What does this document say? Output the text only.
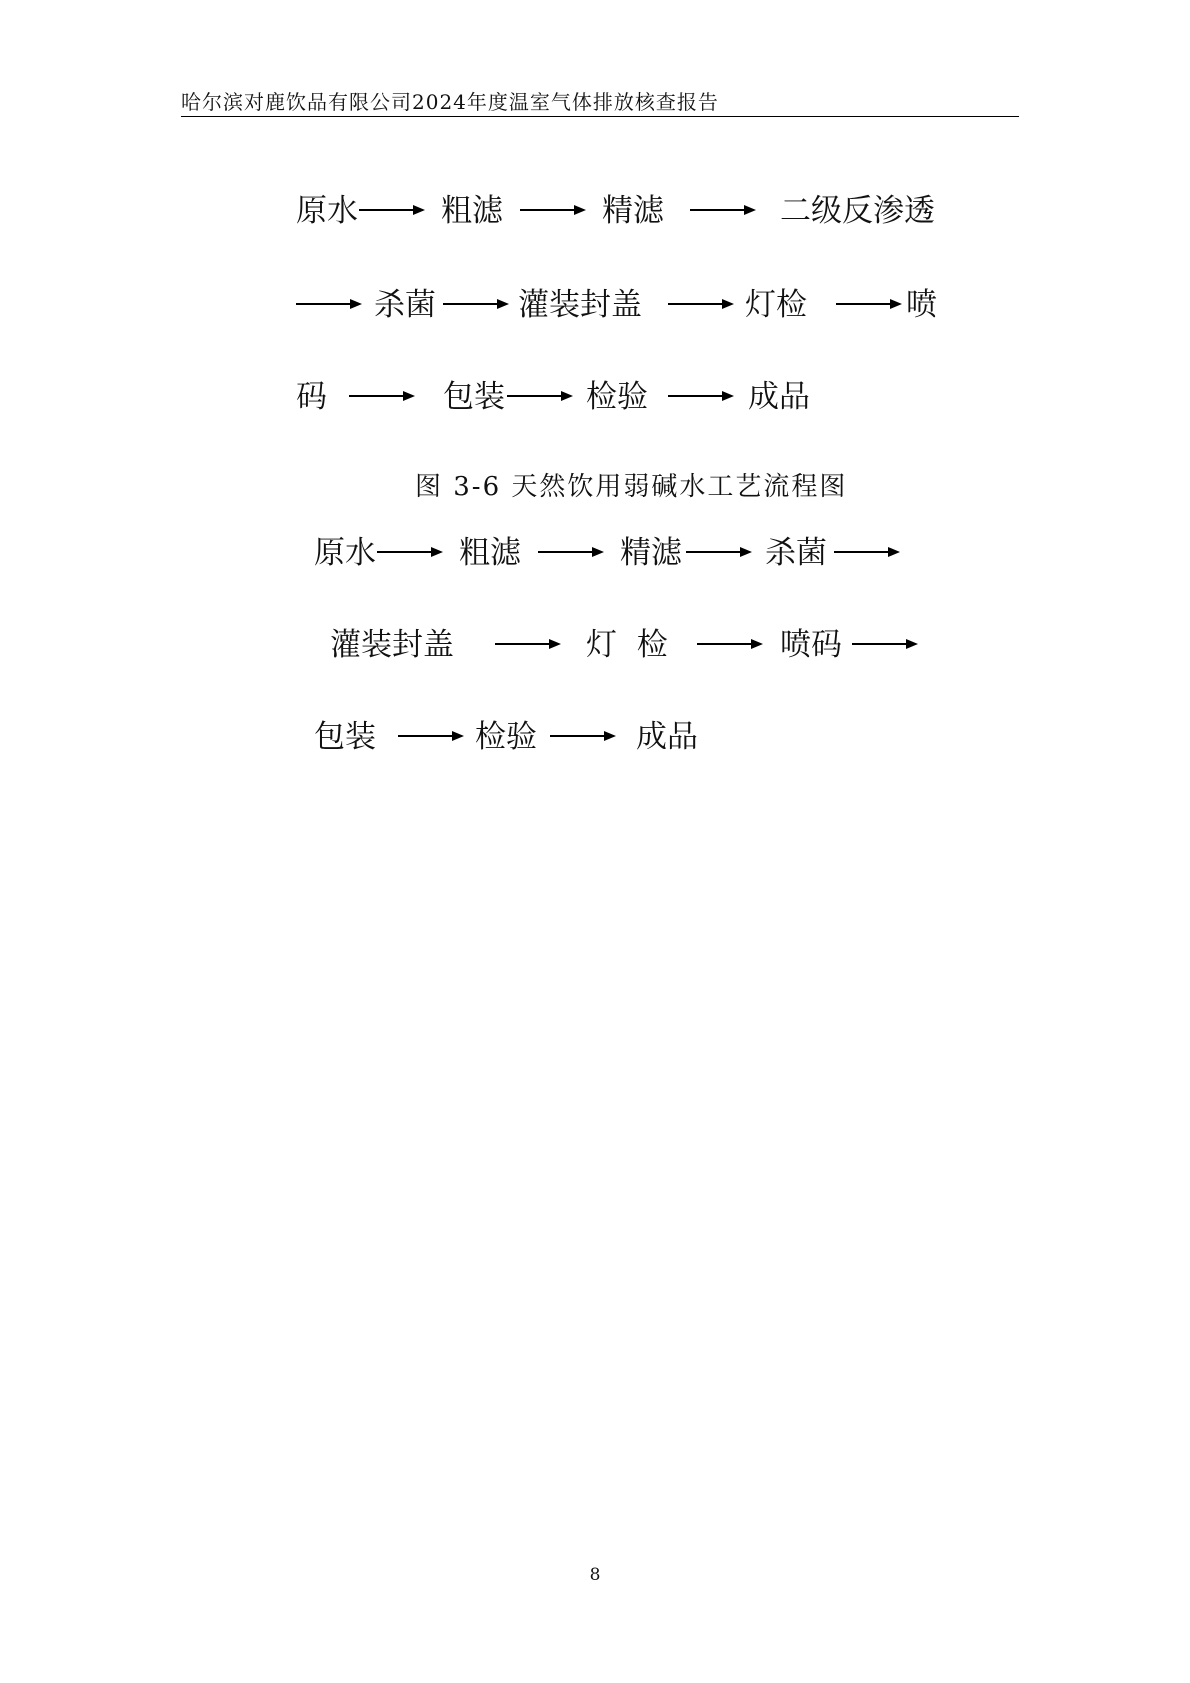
哈尔滨对鹿饮品有限公司2024年度温室气体排放核查报告
原水	粗滤	精滤	二级反渗透
杀菌	灌装封盖	灯检	喷
码	包装	检验	成品
图 3-6 天然饮用弱碱水工艺流程图
原水	粗滤	精滤	杀菌
灌装封盖	灯  检	喷码
包装	检验	成品
8
